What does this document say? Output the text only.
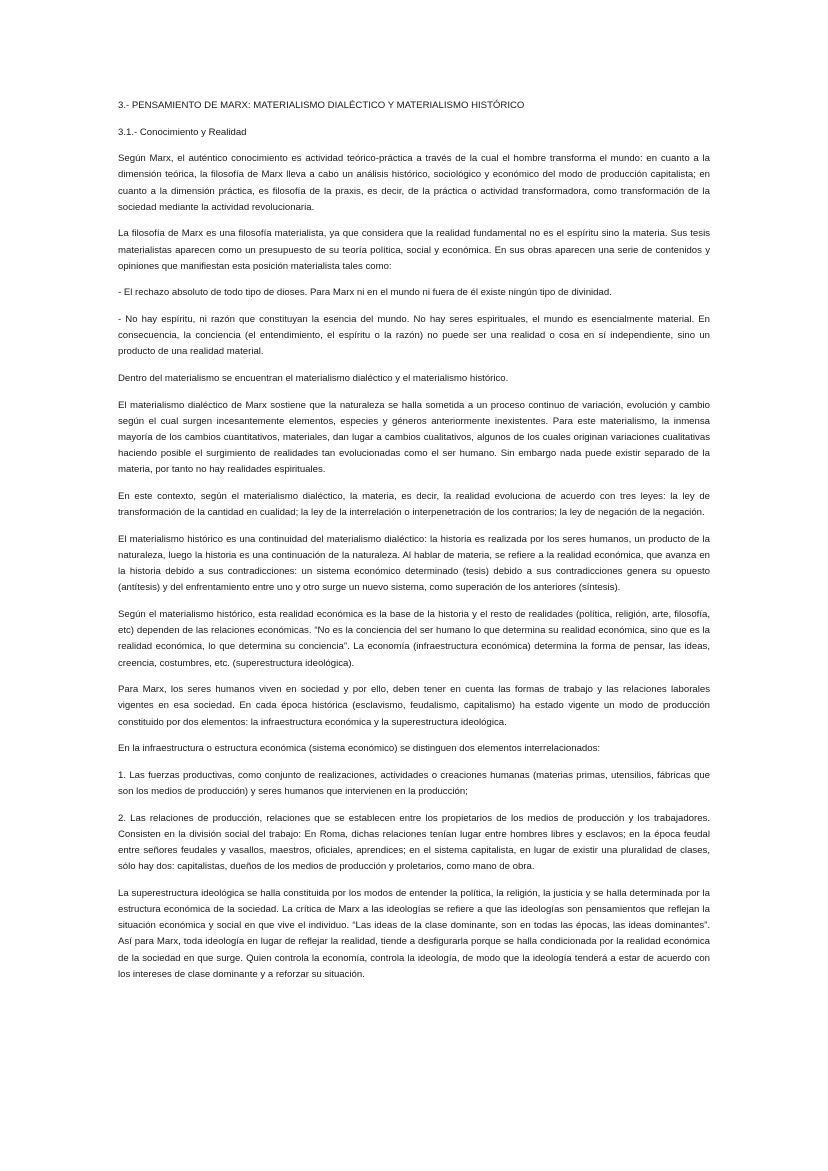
3.- PENSAMIENTO DE MARX: MATERIALISMO DIALÉCTICO Y MATERIALISMO HISTÓRICO

3.1.- Conocimiento y Realidad

Según Marx, el auténtico conocimiento es actividad teórico-práctica a través de la cual el hombre transforma el mundo: en cuanto a la dimensión teórica, la filosofía de Marx lleva a cabo un análisis histórico, sociológico y económico del modo de producción capitalista; en cuanto a la dimensión práctica, es filosofía de la praxis, es decir, de la práctica o actividad transformadora, como transformación de la sociedad mediante la actividad revolucionaria.

La filosofía de Marx es una filosofía materialista, ya que considera que la realidad fundamental no es el espíritu sino la materia. Sus tesis materialistas aparecen como un presupuesto de su teoría política, social y económica. En sus obras aparecen una serie de contenidos y opiniones que manifiestan esta posición materialista tales como:

- El rechazo absoluto de todo tipo de dioses. Para Marx ni en el mundo ni fuera de él existe ningún tipo de divinidad.

- No hay espíritu, ni razón que constituyan la esencia del mundo. No hay seres espirituales, el mundo es esencialmente material. En consecuencia, la conciencia (el entendimiento, el espíritu o la razón) no puede ser una realidad o cosa en sí independiente, sino un producto de una realidad material.

Dentro del materialismo se encuentran el materialismo dialéctico y el materialismo histórico.

El materialismo dialéctico de Marx sostiene que la naturaleza se halla sometida a un proceso continuo de variación, evolución y cambio según el cual surgen incesantemente elementos, especies y géneros anteriormente inexistentes. Para este materialismo, la inmensa mayoría de los cambios cuantitativos, materiales, dan lugar a cambios cualitativos, algunos de los cuales originan variaciones cualitativas haciendo posible el surgimiento de realidades tan evolucionadas como el ser humano. Sin embargo nada puede existir separado de la materia, por tanto no hay realidades espirituales.

En este contexto, según el materialismo dialéctico, la materia, es decir, la realidad evoluciona de acuerdo con tres leyes: la ley de transformación de la cantidad en cualidad; la ley de la interrelación o interpenetración de los contrarios; la ley de negación de la negación.

El materialismo histórico es una continuidad del materialismo dialéctico: la historia es realizada por los seres humanos, un producto de la naturaleza, luego la historia es una continuación de la naturaleza. Al hablar de materia, se refiere a la realidad económica, que avanza en la historia debido a sus contradicciones: un sistema económico determinado (tesis) debido a sus contradicciones genera su opuesto (antítesis) y del enfrentamiento entre uno y otro surge un nuevo sistema, como superación de los anteriores (síntesis).

Según el materialismo histórico, esta realidad económica es la base de la historia y el resto de realidades (política, religión, arte, filosofía, etc) dependen de las relaciones económicas. “No es la conciencia del ser humano lo que determina su realidad económica, sino que es la realidad económica, lo que determina su conciencia”. La economía (infraestructura económica) determina la forma de pensar, las ideas, creencia, costumbres, etc. (superestructura ideológica).

Para Marx, los seres humanos viven en sociedad y por ello, deben tener en cuenta las formas de trabajo y las relaciones laborales vigentes en esa sociedad. En cada época histórica (esclavismo, feudalismo, capitalismo) ha estado vigente un modo de producción constituido por dos elementos: la infraestructura económica y la superestructura ideológica.

En la infraestructura o estructura económica (sistema económico) se distinguen dos elementos interrelacionados:

1. Las fuerzas productivas, como conjunto de realizaciones, actividades o creaciones humanas (materias primas, utensilios, fábricas que son los medios de producción) y seres humanos que intervienen en la producción;

2. Las relaciones de producción, relaciones que se establecen entre los propietarios de los medios de producción y los trabajadores. Consisten en la división social del trabajo: En Roma, dichas relaciones tenían lugar entre hombres libres y esclavos; en la época feudal entre señores feudales y vasallos, maestros, oficiales, aprendices; en el sistema capitalista, en lugar de existir una pluralidad de clases, sólo hay dos: capitalistas, dueños de los medios de producción y proletarios, como mano de obra.

La superestructura ideológica se halla constituida por los modos de entender la política, la religión, la justicia y se halla determinada por la estructura económica de la sociedad. La crítica de Marx a las ideologías se refiere a que las ideologías son pensamientos que reflejan la situación económica y social en que vive el individuo. “Las ideas de la clase dominante, son en todas las épocas, las ideas dominantes”. Así para Marx, toda ideología en lugar de reflejar la realidad, tiende a desfigurarla porque se halla condicionada por la realidad económica de la sociedad en que surge. Quien controla la economía, controla la ideología, de modo que la ideología tenderá a estar de acuerdo con los intereses de clase dominante y a reforzar su situación.
